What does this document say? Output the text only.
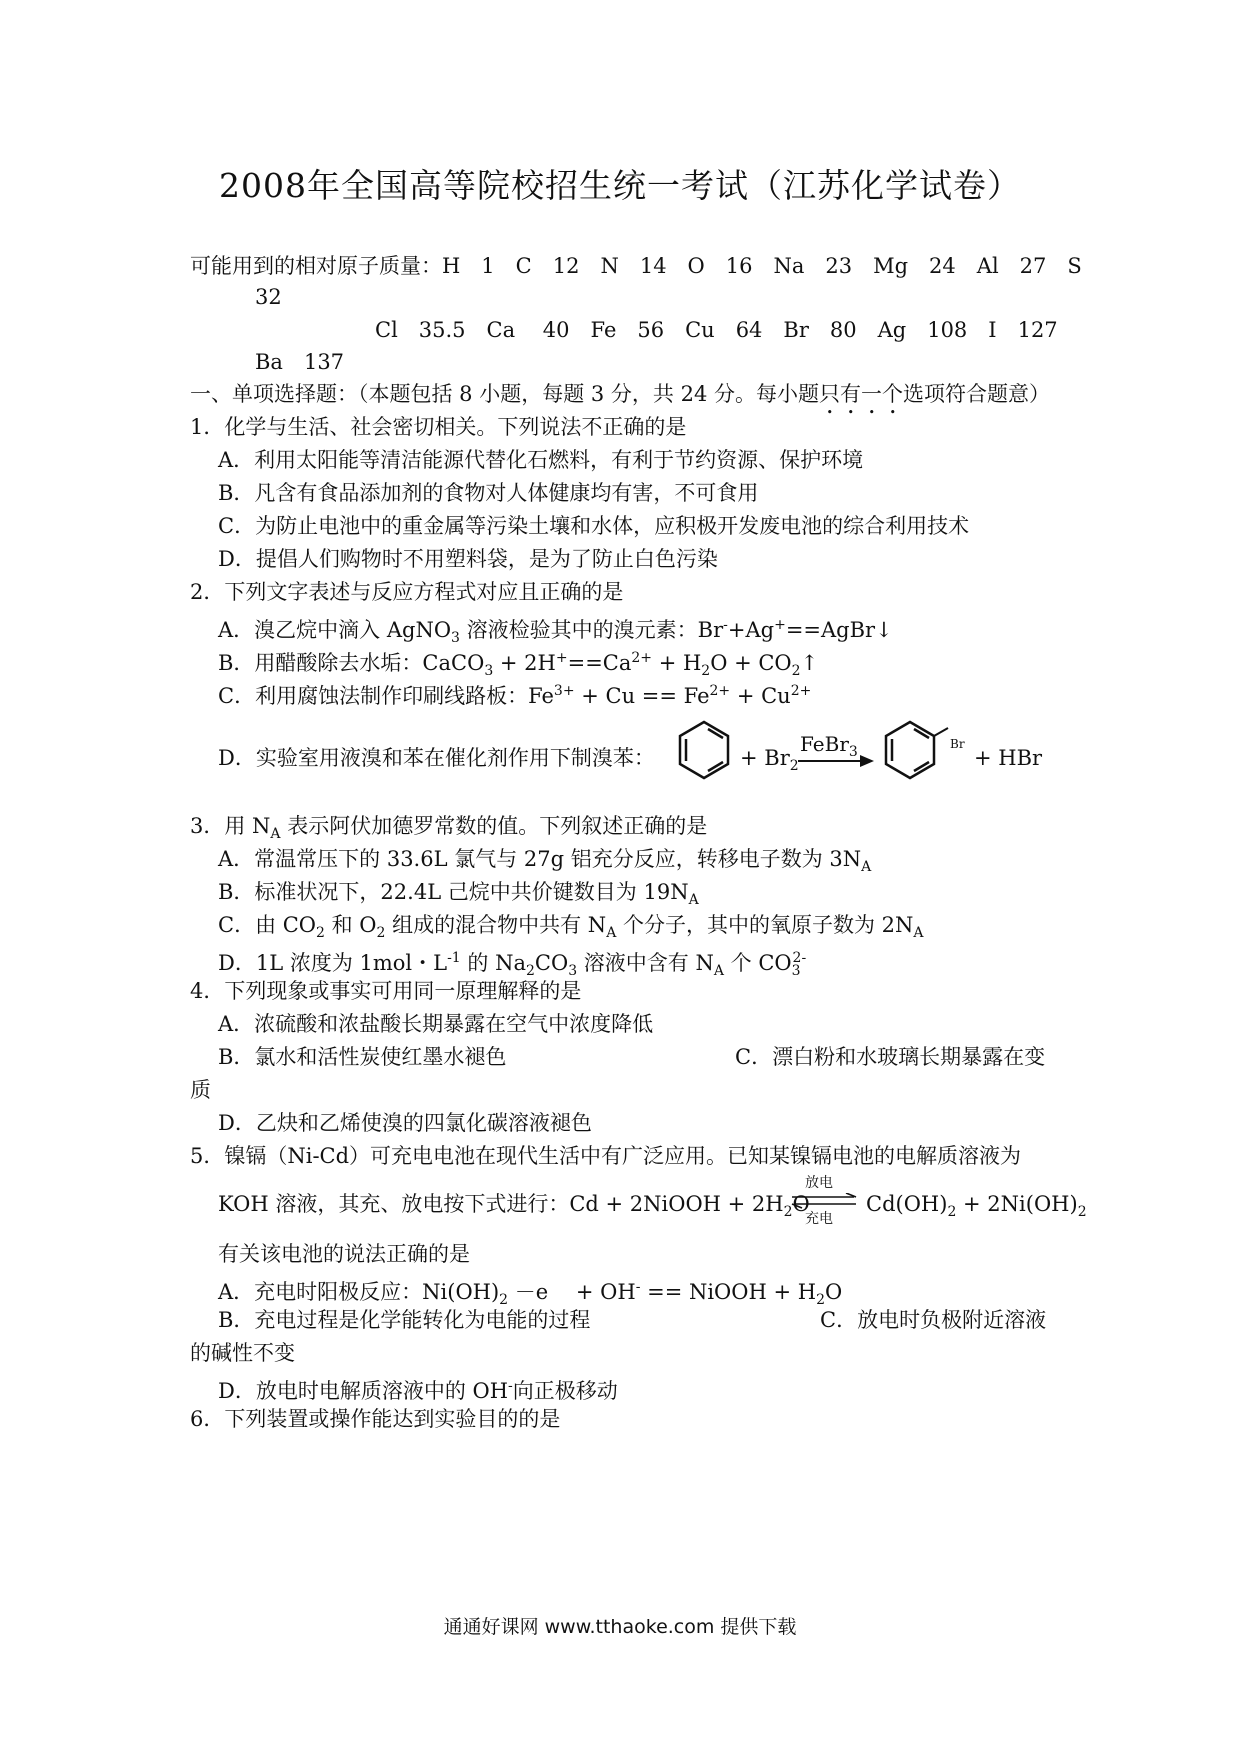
2008年全国高等院校招生统一考试（江苏化学试卷）
可能用到的相对原子质量：H　1　C　12　N　14　O　16　Na　23　Mg　24　Al　27　S
32
Cl　35.5　Ca　 40　Fe　56　Cu　64　Br　80　Ag　108　I　127
Ba　137
一、单项选择题：（本题包括 8 小题，每题 3 分，共 24 分。每小题只有一个选项符合题意）
1．化学与生活、社会密切相关。下列说法不正确的是
A．利用太阳能等清洁能源代替化石燃料，有利于节约资源、保护环境
B．凡含有食品添加剂的食物对人体健康均有害，不可食用
C．为防止电池中的重金属等污染土壤和水体，应积极开发废电池的综合利用技术
D．提倡人们购物时不用塑料袋，是为了防止白色污染
2．下列文字表述与反应方程式对应且正确的是
A．溴乙烷中滴入 AgNO$_3$ 溶液检验其中的溴元素：Br-+Ag+==AgBr↓
B．用醋酸除去水垢：CaCO$_3$ + $2H^+==Ca^{2+} + H_2O$ + $CO_2↑$
C．利用腐蚀法制作印刷线路板：$Fe^{3+} + Cu == Fe^{2+} + Cu^{2+}$
D．实验室用液溴和苯在催化剂作用下制溴苯：	+ $Br_2$
FeBr$_3$	Br
+ HBr
3．用 $N_A$ 表示阿伏加德罗常数的值。下列叙述正确的是
A．常温常压下的 33.6L 氯气与 27g 铝充分反应，转移电子数为 $3N_A$
B．标准状况下，22.4L 己烷中共价键数目为 $19N_A$
C．由 $CO_2$ 和 $O_2$ 组成的混合物中共有 $N_A$ 个分子，其中的氧原子数为 $2N_A$
D．1L 浓度为 1mol・$L^{-1}$ 的 $Na_2CO_3$ 溶液中含有 $N_A$ 个 $CO_3^{2-}$
4．下列现象或事实可用同一原理解释的是
A．浓硫酸和浓盐酸长期暴露在空气中浓度降低
B．氯水和活性炭使红墨水褪色	C．漂白粉和水玻璃长期暴露在变
质
D．乙炔和乙烯使溴的四氯化碳溶液褪色
5．镍镉（Ni-Cd）可充电电池在现代生活中有广泛应用。已知某镍镉电池的电解质溶液为
KOH 溶液，其充、放电按下式进行：Cd + 2NiOOH + $2H_2O$
放电
充电
$Cd(OH)_2 + 2Ni(OH)_2$
有关该电池的说法正确的是
A．充电时阳极反应：$Ni(OH)_2 -e$　 + OH- == NiOOH + $H_2O$
B．充电过程是化学能转化为电能的过程	C．放电时负极附近溶液
的碱性不变
D．放电时电解质溶液中的 OH-向正极移动
6．下列装置或操作能达到实验目的的是
通通好课网 www.tthaoke.com 提供下载
